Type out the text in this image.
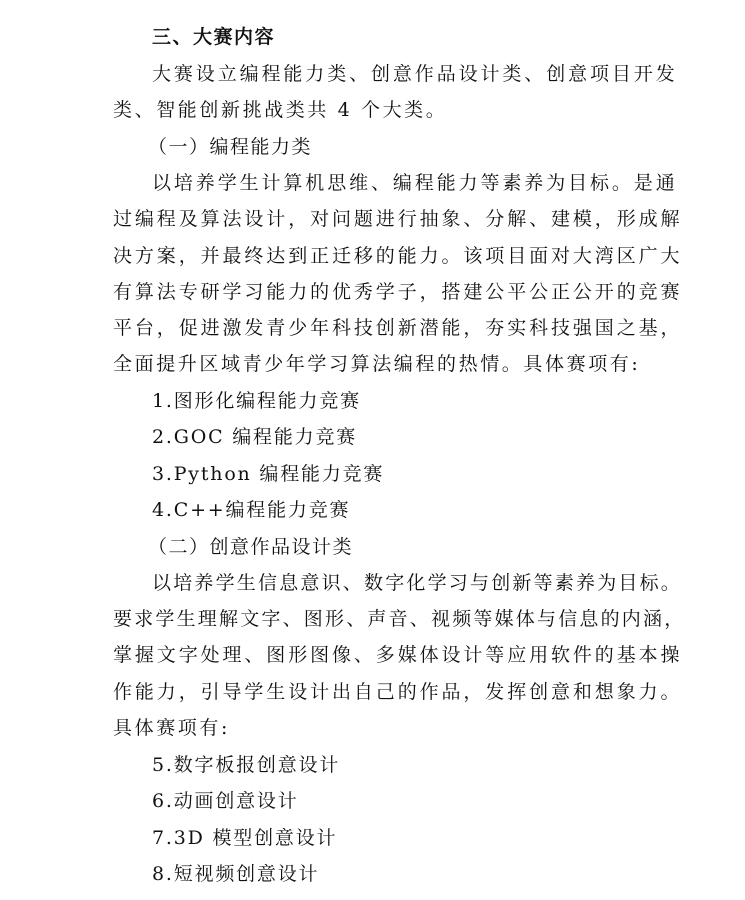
三、大赛内容
大赛设立编程能力类、创意作品设计类、创意项目开发
类、智能创新挑战类共 4 个大类。
（一）编程能力类
以培养学生计算机思维、编程能力等素养为目标。是通
过编程及算法设计，对问题进行抽象、分解、建模，形成解
决方案，并最终达到正迁移的能力。该项目面对大湾区广大
有算法专研学习能力的优秀学子，搭建公平公正公开的竞赛
平台，促进激发青少年科技创新潜能，夯实科技强国之基，
全面提升区域青少年学习算法编程的热情。具体赛项有:
1.图形化编程能力竞赛
2.GOC 编程能力竞赛
3.Python 编程能力竞赛
4.C++编程能力竞赛
（二）创意作品设计类
以培养学生信息意识、数字化学习与创新等素养为目标。
要求学生理解文字、图形、声音、视频等媒体与信息的内涵，
掌握文字处理、图形图像、多媒体设计等应用软件的基本操
作能力，引导学生设计出自己的作品，发挥创意和想象力。
具体赛项有:
5.数字板报创意设计
6.动画创意设计
7.3D 模型创意设计
8.短视频创意设计
